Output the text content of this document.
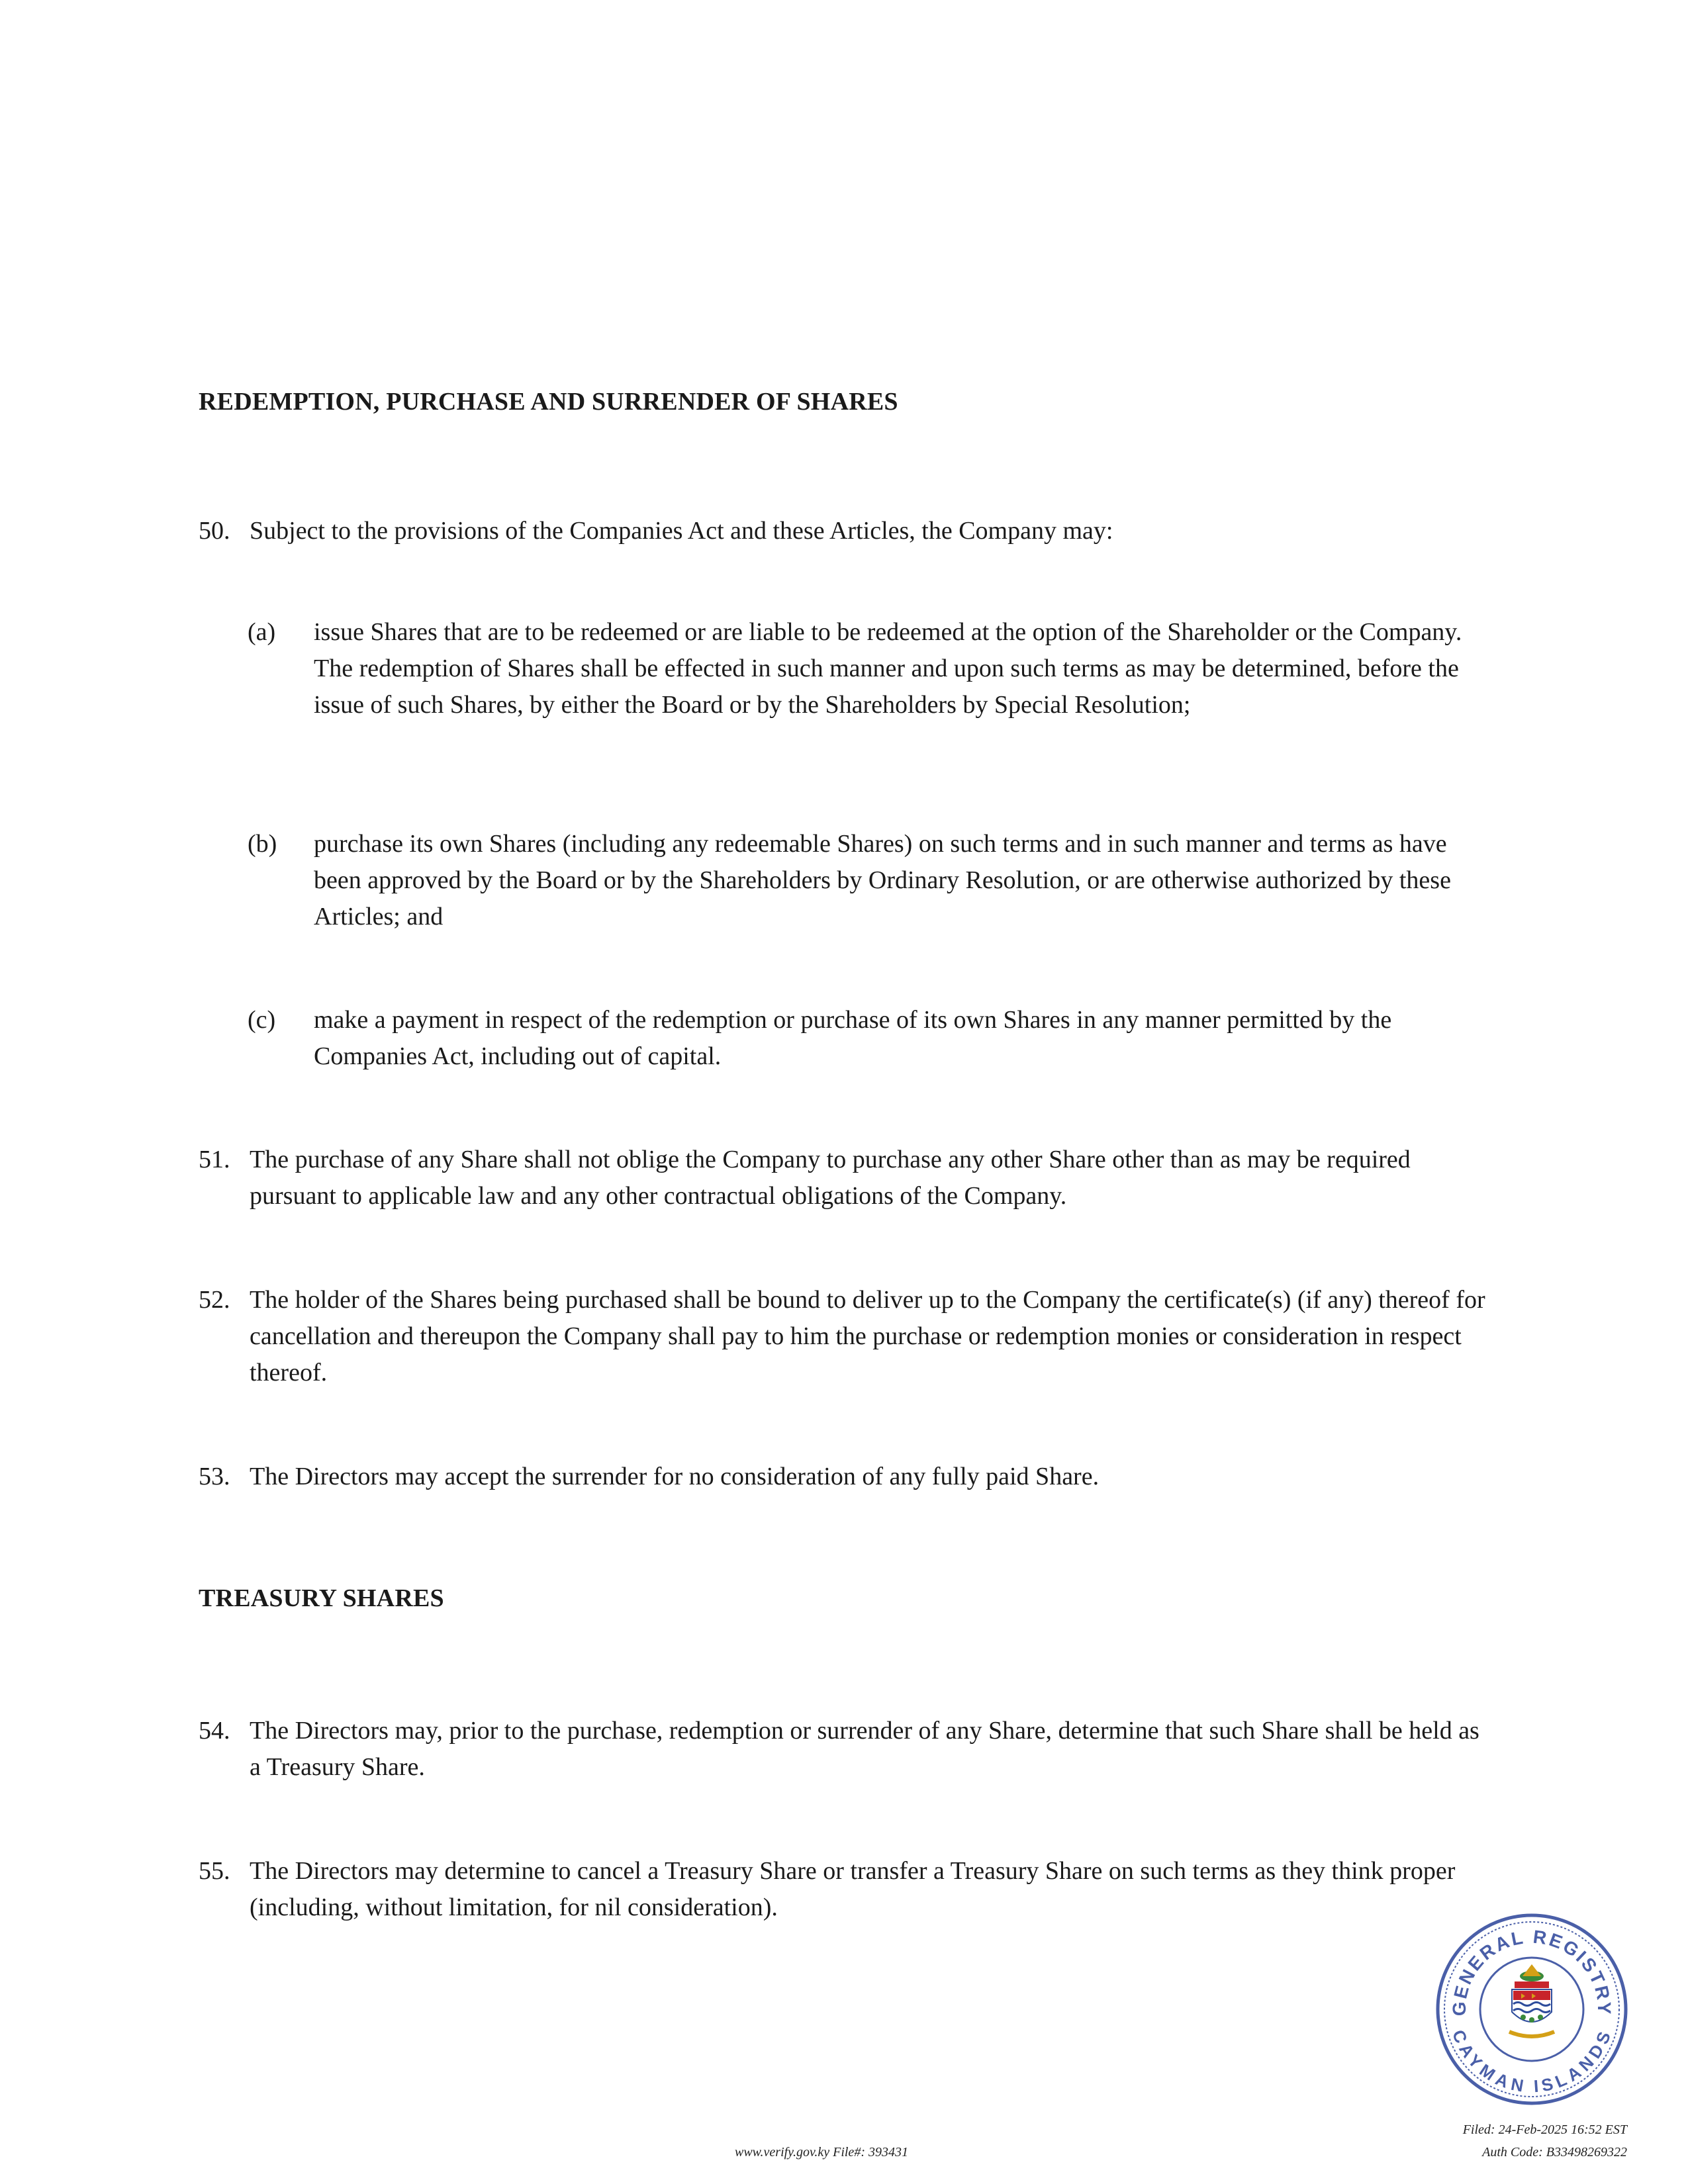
REDEMPTION, PURCHASE AND SURRENDER OF SHARES
50. Subject to the provisions of the Companies Act and these Articles, the Company may:
(a) issue Shares that are to be redeemed or are liable to be redeemed at the option of the Shareholder or the Company. The redemption of Shares shall be effected in such manner and upon such terms as may be determined, before the issue of such Shares, by either the Board or by the Shareholders by Special Resolution;
(b) purchase its own Shares (including any redeemable Shares) on such terms and in such manner and terms as have been approved by the Board or by the Shareholders by Ordinary Resolution, or are otherwise authorized by these Articles; and
(c) make a payment in respect of the redemption or purchase of its own Shares in any manner permitted by the Companies Act, including out of capital.
51. The purchase of any Share shall not oblige the Company to purchase any other Share other than as may be required pursuant to applicable law and any other contractual obligations of the Company.
52. The holder of the Shares being purchased shall be bound to deliver up to the Company the certificate(s) (if any) thereof for cancellation and thereupon the Company shall pay to him the purchase or redemption monies or consideration in respect thereof.
53. The Directors may accept the surrender for no consideration of any fully paid Share.
TREASURY SHARES
54. The Directors may, prior to the purchase, redemption or surrender of any Share, determine that such Share shall be held as a Treasury Share.
55. The Directors may determine to cancel a Treasury Share or transfer a Treasury Share on such terms as they think proper (including, without limitation, for nil consideration).
GENERAL REGISTRY
CAYMAN ISLANDS
Filed: 24-Feb-2025 16:52 EST
www.verify.gov.ky File#: 393431	Auth Code: B33498269322
